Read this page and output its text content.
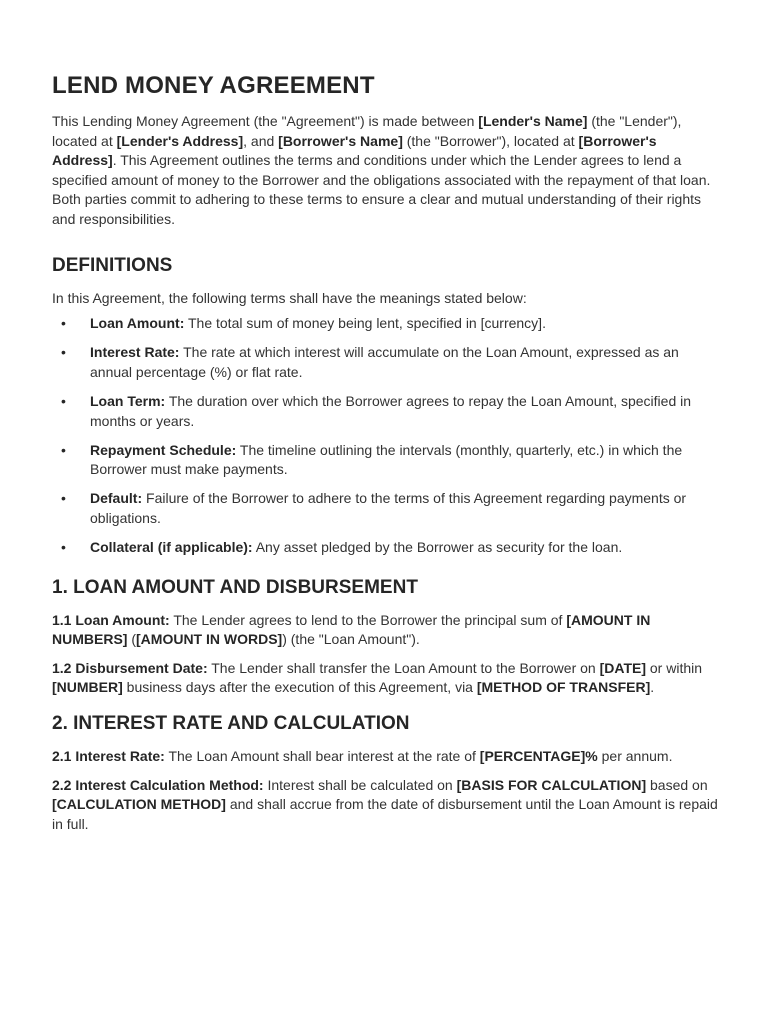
LEND MONEY AGREEMENT

This Lending Money Agreement (the "Agreement") is made between [Lender's Name] (the "Lender"), located at [Lender's Address], and [Borrower's Name] (the "Borrower"), located at [Borrower's Address]. This Agreement outlines the terms and conditions under which the Lender agrees to lend a specified amount of money to the Borrower and the obligations associated with the repayment of that loan. Both parties commit to adhering to these terms to ensure a clear and mutual understanding of their rights and responsibilities.

DEFINITIONS

In this Agreement, the following terms shall have the meanings stated below:

• Loan Amount: The total sum of money being lent, specified in [currency].
• Interest Rate: The rate at which interest will accumulate on the Loan Amount, expressed as an annual percentage (%) or flat rate.
• Loan Term: The duration over which the Borrower agrees to repay the Loan Amount, specified in months or years.
• Repayment Schedule: The timeline outlining the intervals (monthly, quarterly, etc.) in which the Borrower must make payments.
• Default: Failure of the Borrower to adhere to the terms of this Agreement regarding payments or obligations.
• Collateral (if applicable): Any asset pledged by the Borrower as security for the loan.
1. LOAN AMOUNT AND DISBURSEMENT

1.1 Loan Amount: The Lender agrees to lend to the Borrower the principal sum of [AMOUNT IN NUMBERS] ([AMOUNT IN WORDS]) (the "Loan Amount").

1.2 Disbursement Date: The Lender shall transfer the Loan Amount to the Borrower on [DATE] or within [NUMBER] business days after the execution of this Agreement, via [METHOD OF TRANSFER].

2. INTEREST RATE AND CALCULATION

2.1 Interest Rate: The Loan Amount shall bear interest at the rate of [PERCENTAGE]% per annum.

2.2 Interest Calculation Method: Interest shall be calculated on [BASIS FOR CALCULATION] based on [CALCULATION METHOD] and shall accrue from the date of disbursement until the Loan Amount is repaid in full.
